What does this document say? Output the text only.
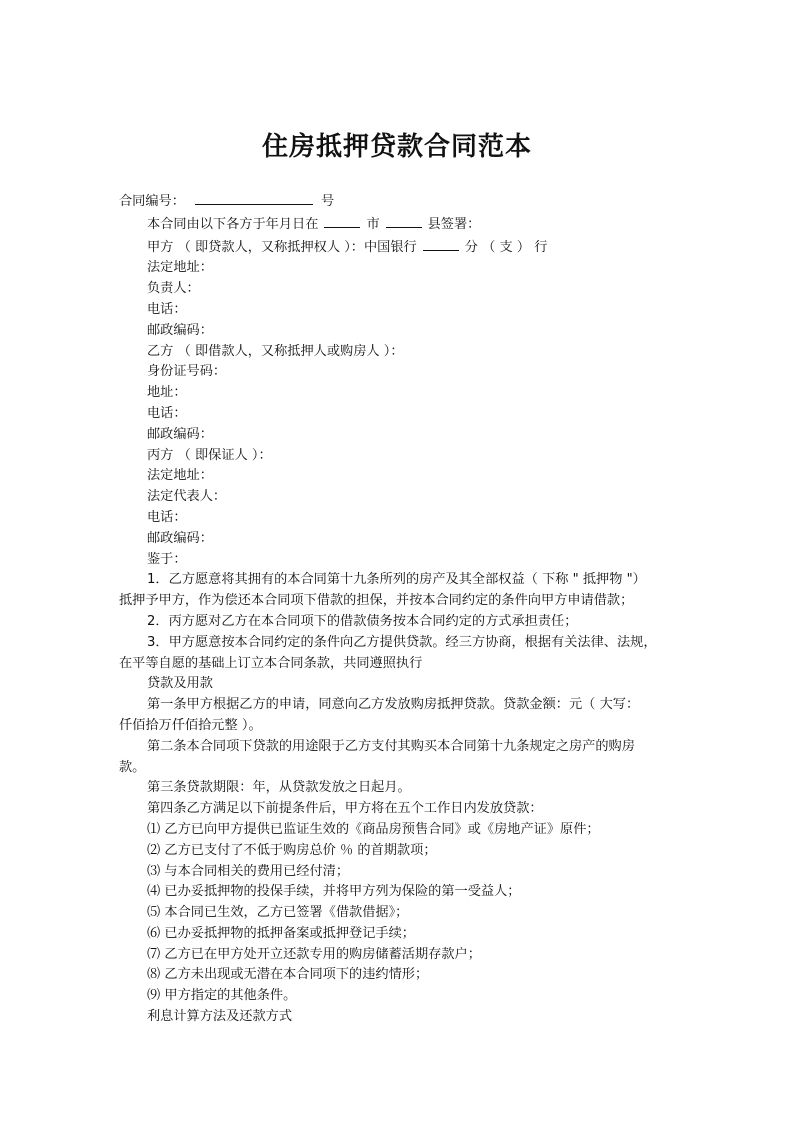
住房抵押贷款合同范本

合同编号：	号

本合同由以下各方于年月日在	市	县签署：

甲方 （ 即贷款人，又称抵押权人 ）：中国银行	分 （ 支 ） 行

法定地址：

负责人：

电话：

邮政编码：

乙方 （ 即借款人，又称抵押人或购房人 ）：

身份证号码：

地址：

电话：

邮政编码：

丙方 （ 即保证人 ）：

法定地址：

法定代表人：

电话：

邮政编码：

鉴于：

1．乙方愿意将其拥有的本合同第十九条所列的房产及其全部权益（ 下称 " 抵押物 "）

抵押予甲方，作为偿还本合同项下借款的担保，并按本合同约定的条件向甲方申请借款；

2．丙方愿对乙方在本合同项下的借款债务按本合同约定的方式承担责任；

3．甲方愿意按本合同约定的条件向乙方提供贷款。经三方协商，根据有关法律、法规，

在平等自愿的基础上订立本合同条款，共同遵照执行

贷款及用款

第一条甲方根据乙方的申请，同意向乙方发放购房抵押贷款。贷款金额：元（ 大写：

仟佰拾万仟佰拾元整 ）。

第二条本合同项下贷款的用途限于乙方支付其购买本合同第十九条规定之房产的购房

款。

第三条贷款期限：年，从贷款发放之日起月。

第四条乙方满足以下前提条件后，甲方将在五个工作日内发放贷款：

⑴ 乙方已向甲方提供已监证生效的《商品房预售合同》或《房地产证》原件；

⑵ 乙方已支付了不低于购房总价 ％ 的首期款项；

⑶ 与本合同相关的费用已经付清；

⑷ 已办妥抵押物的投保手续，并将甲方列为保险的第一受益人；

⑸ 本合同已生效，乙方已签署《借款借据》；

⑹ 已办妥抵押物的抵押备案或抵押登记手续；

⑺ 乙方已在甲方处开立还款专用的购房储蓄活期存款户；

⑻ 乙方未出现或无潜在本合同项下的违约情形；

⑼ 甲方指定的其他条件。

利息计算方法及还款方式
